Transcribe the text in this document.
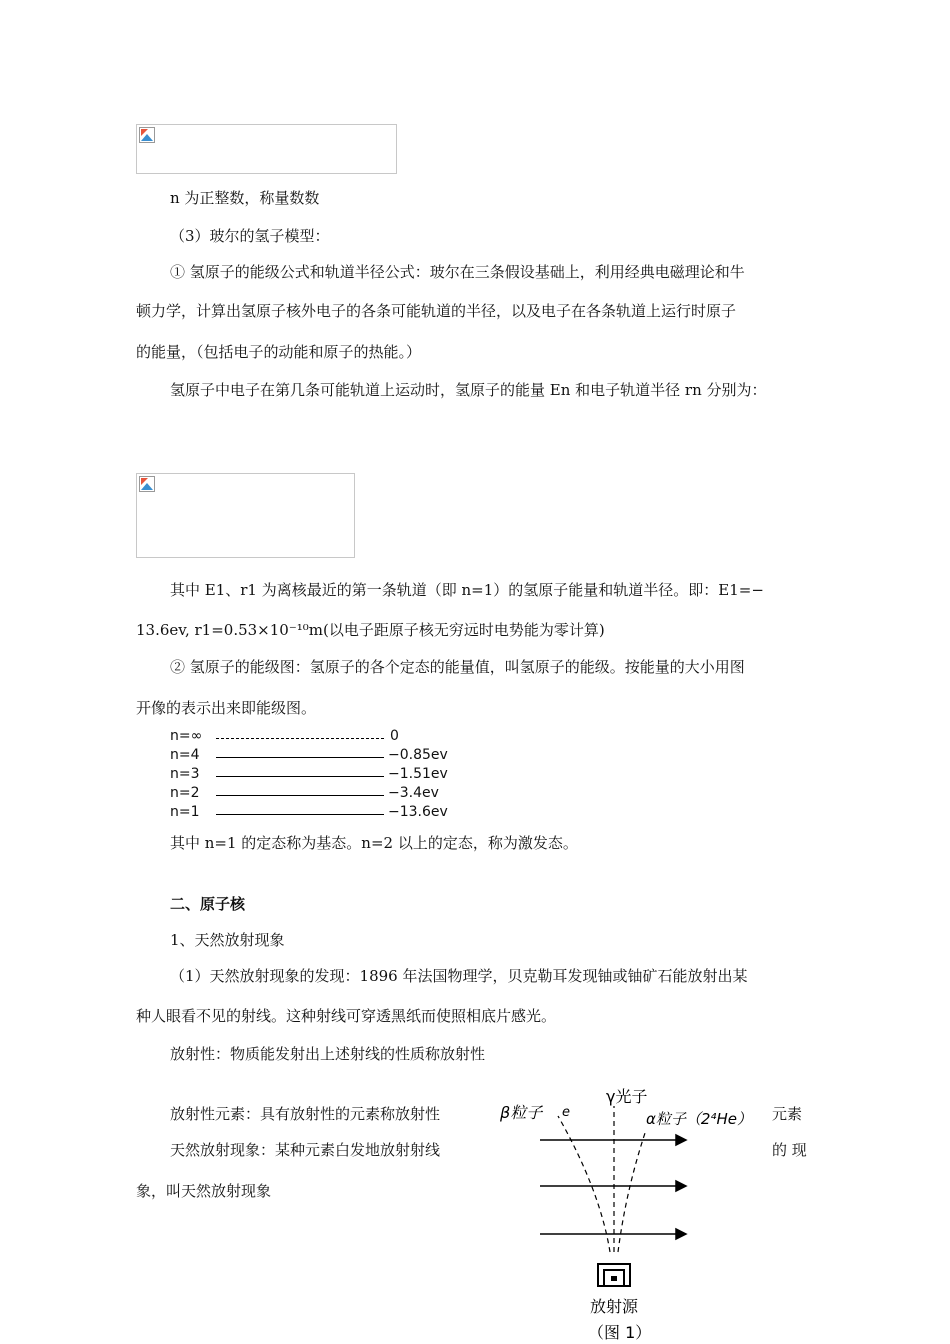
n 为正整数，称量数数
（3）玻尔的氢子模型：
① 氢原子的能级公式和轨道半径公式：玻尔在三条假设基础上，利用经典电磁理论和牛
顿力学，计算出氢原子核外电子的各条可能轨道的半径，以及电子在各条轨道上运行时原子
的能量，（包括电子的动能和原子的热能。）
氢原子中电子在第几条可能轨道上运动时，氢原子的能量 En 和电子轨道半径 rn 分别为：
其中 E1、r1 为离核最近的第一条轨道（即 n=1）的氢原子能量和轨道半径。即：E1=−
13.6ev, r1=0.53×10⁻¹⁰m(以电子距原子核无穷远时电势能为零计算)
② 氢原子的能级图：氢原子的各个定态的能量值，叫氢原子的能级。按能量的大小用图
开像的表示出来即能级图。
n=∞	0
n=4	−0.85ev
n=3	−1.51ev
n=2	−3.4ev
n=1	−13.6ev
其中 n=1 的定态称为基态。n=2 以上的定态，称为激发态。
二、原子核
1、天然放射现象
（1）天然放射现象的发现：1896 年法国物理学，贝克勒耳发现铀或铀矿石能放射出某
种人眼看不见的射线。这种射线可穿透黑纸而使照相底片感光。
放射性：物质能发射出上述射线的性质称放射性
放射性元素：具有放射性的元素称放射性	元素
天然放射现象：某种元素白发地放射射线	的 现
象，叫天然放射现象
β粒子 e
γ光子
α粒子（2⁴He）
放射源
（图 1）
